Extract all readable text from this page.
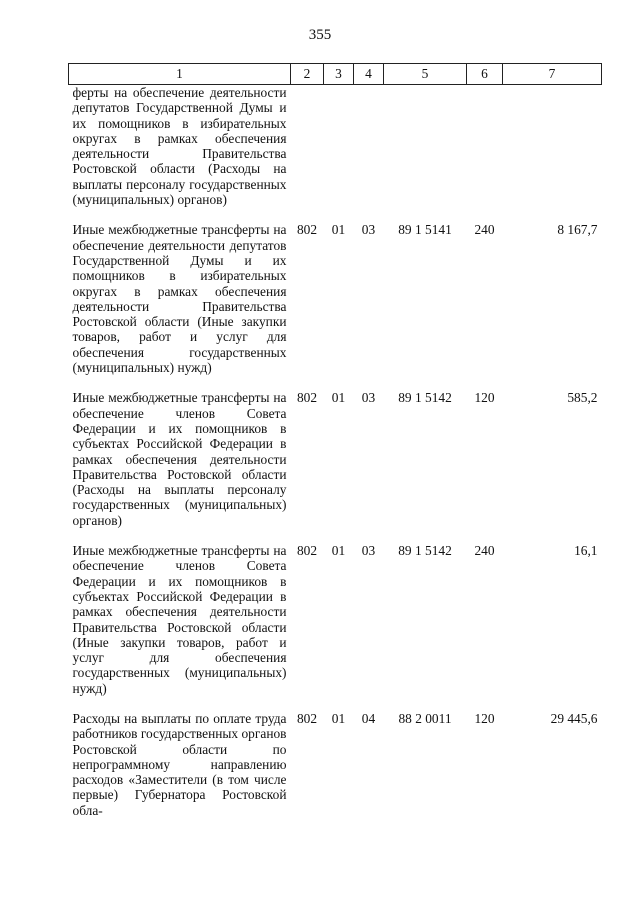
355
1	2	3	4	5	6	7
ферты на обеспечение деятельности депутатов Государственной Думы и их помощников в избирательных округах в рамках обеспечения деятельности Правительства Ростовской области (Расходы на выплаты персоналу государственных (муниципальных) органов)						
Иные межбюджетные трансферты на обеспечение деятельности депутатов Государственной Думы и их помощников в избирательных округах в рамках обеспечения деятельности Правительства Ростовской области (Иные закупки товаров, работ и услуг для обеспечения государственных (муниципальных) нужд)	802	01	03	89 1 5141	240	8 167,7
Иные межбюджетные трансферты на обеспечение членов Совета Федерации и их помощников в субъектах Российской Федерации в рамках обеспечения деятельности Правительства Ростовской области (Расходы на выплаты персоналу государственных (муниципальных) органов)	802	01	03	89 1 5142	120	585,2
Иные межбюджетные трансферты на обеспечение членов Совета Федерации и их помощников в субъектах Российской Федерации в рамках обеспечения деятельности Правительства Ростовской области (Иные закупки товаров, работ и услуг для обеспечения государственных (муниципальных) нужд)	802	01	03	89 1 5142	240	16,1
Расходы на выплаты по оплате труда работников государственных органов Ростовской области по непрограммному направлению расходов «Заместители (в том числе первые) Губернатора Ростовской обла-	802	01	04	88 2 0011	120	29 445,6
